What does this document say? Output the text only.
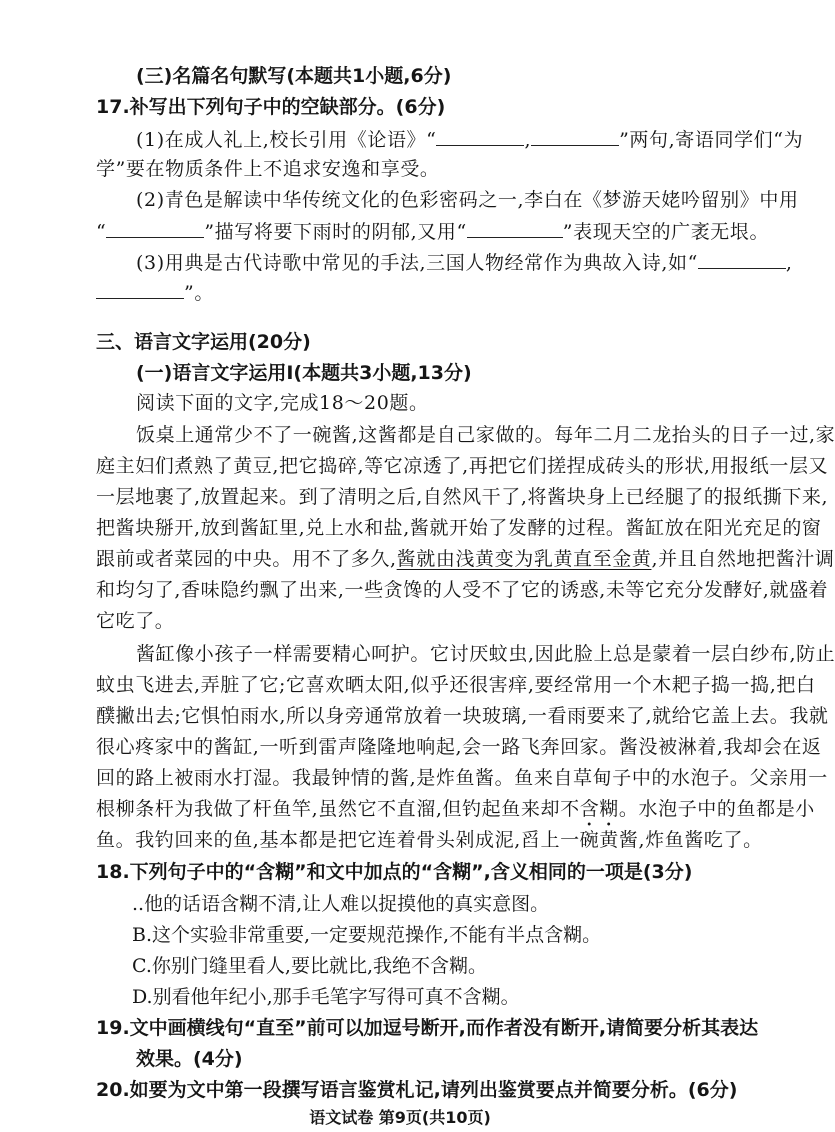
(三)名篇名句默写(本题共1小题,6分)
17.补写出下列句子中的空缺部分。(6分)
(1)在成人礼上,校长引用《论语》“	,	”两句,寄语同学们“为
学”要在物质条件上不追求安逸和享受。
(2)青色是解读中华传统文化的色彩密码之一,李白在《梦游天姥吟留别》中用
“	”描写将要下雨时的阴郁,又用“	”表现天空的广袤无垠。
(3)用典是古代诗歌中常见的手法,三国人物经常作为典故入诗,如“	,
”。
三、语言文字运用(20分)
(一)语言文字运用Ⅰ(本题共3小题,13分)
阅读下面的文字,完成18～20题。
饭桌上通常少不了一碗酱,这酱都是自己家做的。每年二月二龙抬头的日子一过,家
庭主妇们煮熟了黄豆,把它捣碎,等它凉透了,再把它们搓捏成砖头的形状,用报纸一层又
一层地裹了,放置起来。到了清明之后,自然风干了,将酱块身上已经腿了的报纸撕下来,
把酱块掰开,放到酱缸里,兑上水和盐,酱就开始了发酵的过程。酱缸放在阳光充足的窗
跟前或者菜园的中央。用不了多久,酱就由浅黄变为乳黄直至金黄,并且自然地把酱汁调
和均匀了,香味隐约飘了出来,一些贪馋的人受不了它的诱惑,未等它充分发酵好,就盛着
它吃了。
酱缸像小孩子一样需要精心呵护。它讨厌蚊虫,因此脸上总是蒙着一层白纱布,防止
蚊虫飞进去,弄脏了它;它喜欢晒太阳,似乎还很害痒,要经常用一个木耙子捣一捣,把白
醭撇出去;它惧怕雨水,所以身旁通常放着一块玻璃,一看雨要来了,就给它盖上去。我就
很心疼家中的酱缸,一听到雷声隆隆地响起,会一路飞奔回家。酱没被淋着,我却会在返
回的路上被雨水打湿。我最钟情的酱,是炸鱼酱。鱼来自草甸子中的水泡子。父亲用一
根柳条杆为我做了杆鱼竿,虽然它不直溜,但钓起鱼来却不含糊。水泡子中的鱼都是小
鱼。我钓回来的鱼,基本都是把它连着骨头剁成泥,舀上一碗黄酱,炸鱼酱吃了。
18.下列句子中的“含糊”和文中加点的“含糊”,含义相同的一项是(3分)
..他的话语含糊不清,让人难以捉摸他的真实意图。
B.这个实验非常重要,一定要规范操作,不能有半点含糊。
C.你别门缝里看人,要比就比,我绝不含糊。
D.别看他年纪小,那手毛笔字写得可真不含糊。
19.文中画横线句“直至”前可以加逗号断开,而作者没有断开,请简要分析其表达
语文试卷 第9页(共10页)
效果。(4分)
20.如要为文中第一段撰写语言鉴赏札记,请列出鉴赏要点并简要分析。(6分)
